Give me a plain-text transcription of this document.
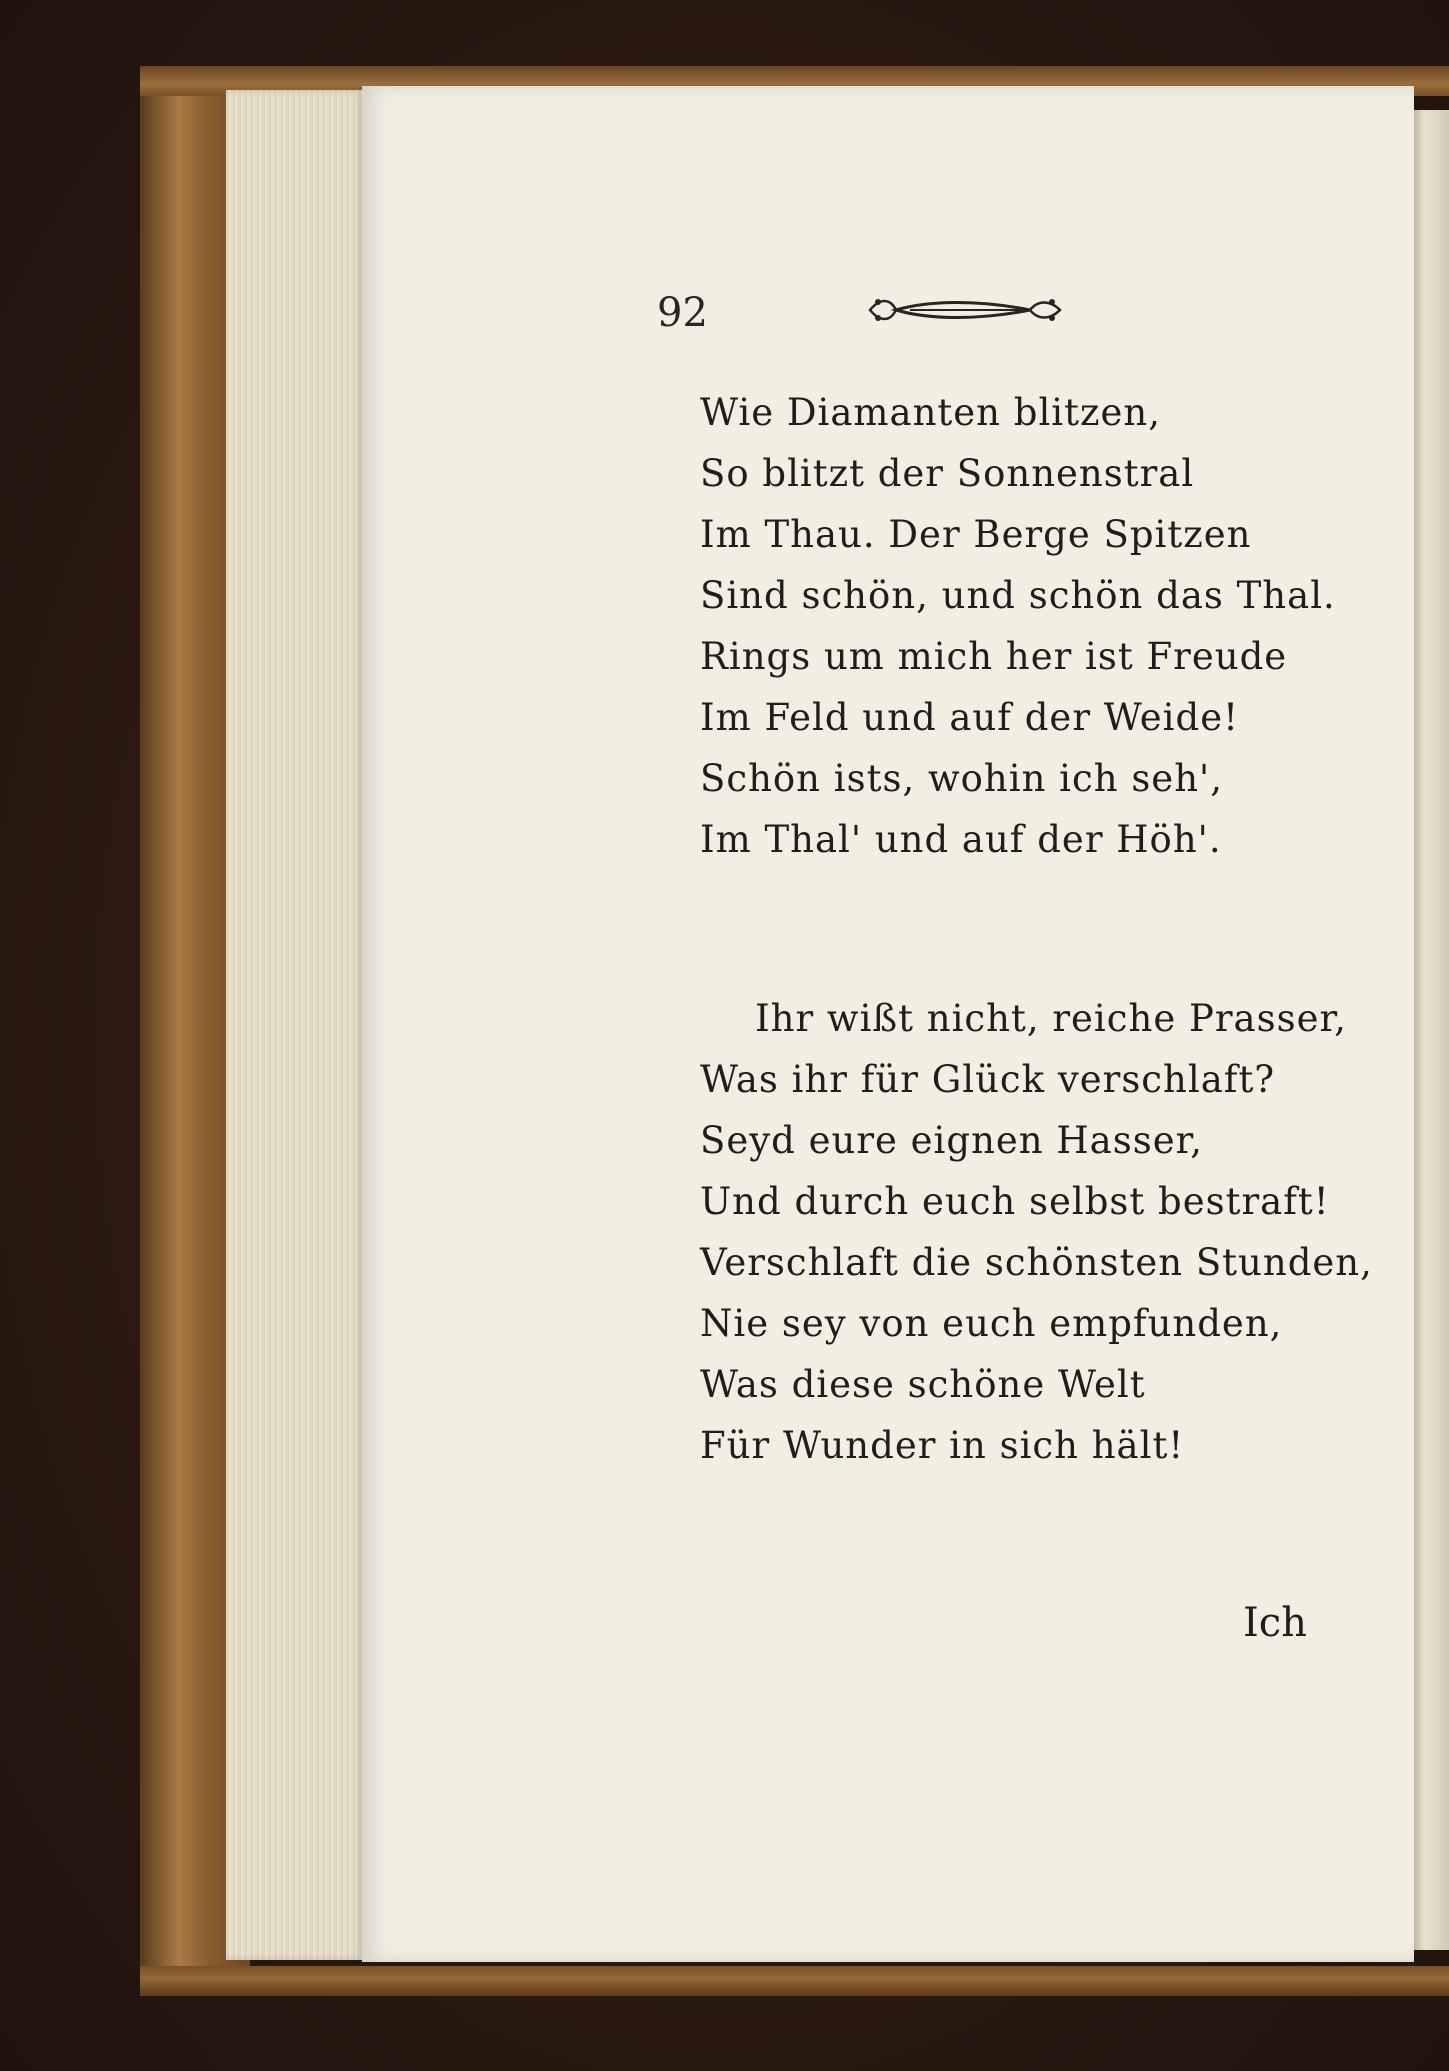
92
Wie Diamanten blitzen,
So blitzt der Sonnenstral
Im Thau. Der Berge Spitzen
Sind schön, und schön das Thal.
Rings um mich her ist Freude
Im Feld und auf der Weide!
Schön ists, wohin ich seh',
Im Thal' und auf der Höh'.
Ihr wißt nicht, reiche Prasser,
Was ihr für Glück verschlaft?
Seyd eure eignen Hasser,
Und durch euch selbst bestraft!
Verschlaft die schönsten Stunden,
Nie sey von euch empfunden,
Was diese schöne Welt
Für Wunder in sich hält!
Ich
